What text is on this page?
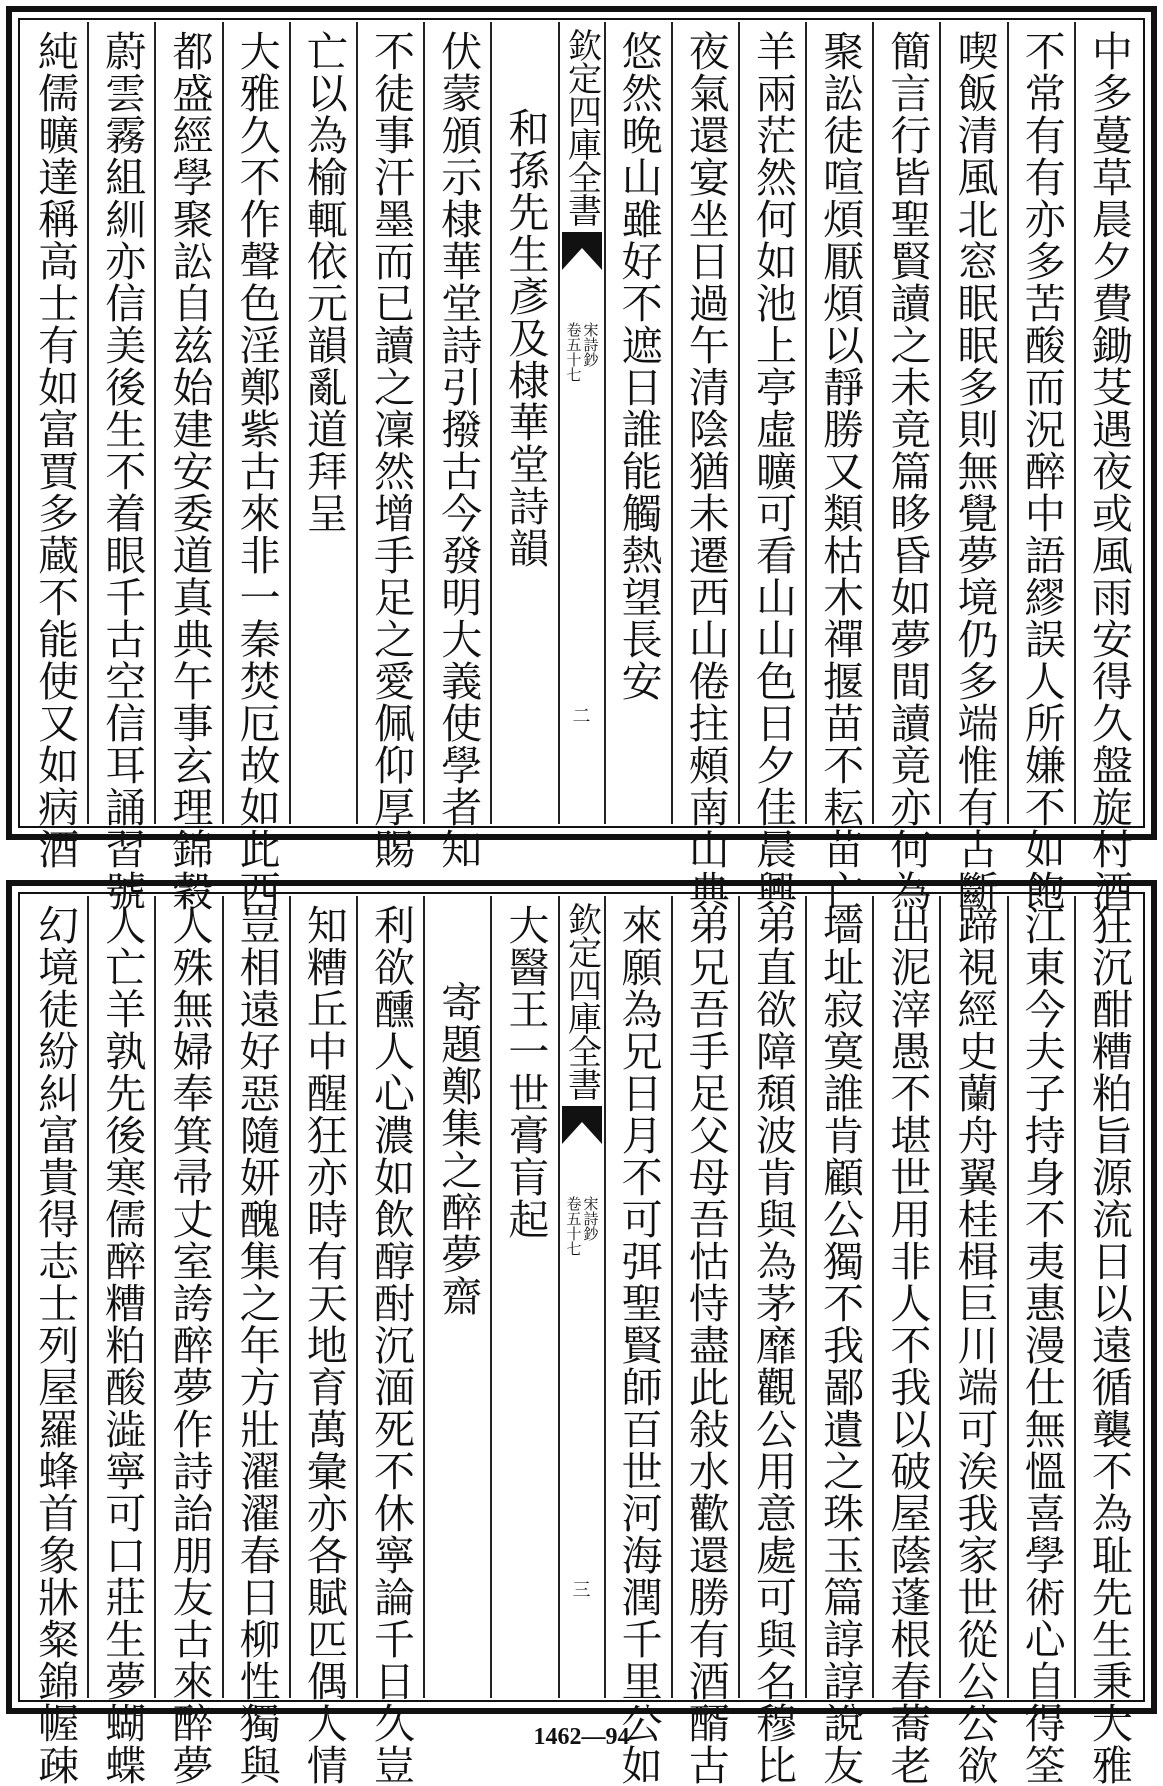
中多蔓草晨夕費鋤芟遇夜或風雨安得久盤旋村酒
不常有有亦多苦酸而況醉中語繆誤人所嫌不如飽
喫飯清風北窓眠眠多則無覺夢境仍多端惟有古斷
簡言行皆聖賢讀之未竟篇眵昏如夢間讀竟亦何為
聚訟徒喧煩厭煩以靜勝又類枯木禪揠苗不耘苗亡
羊兩茫然何如池上亭虛曠可看山山色日夕佳晨興
夜氣還宴坐日過午清陰猶未遷西山倦拄頰南山典
悠然晚山雖好不遮日誰能觸熱望長安
欽定四庫全書
宋詩鈔
卷五十七
二
和孫先生彥及棣華堂詩韻
伏蒙頒示棣華堂詩引撥古今發明大義使學者知
不徒事汗墨而已讀之凜然增手足之愛佩仰厚賜
亡以為榆輒依元韻亂道拜呈
大雅久不作聲色淫鄭紫古來非一秦焚厄故如此西
都盛經學聚訟自兹始建安委道真典午事玄理錦穀
蔚雲霧組紃亦信美後生不着眼千古空信耳誦習號
純儒曠達稱高士有如富賈多蔵不能使又如病酒
狂沉酣糟粕旨源流日以遠循襲不為耻先生秉大雅
江東今夫子持身不夷惠漫仕無慍喜學術心自得筌
蹄視經史蘭舟翼桂楫巨川端可涘我家世從公公欲
出泥滓愚不堪世用非人不我以破屋蔭蓬根春蕎老
墻址寂寞誰肯顧公獨不我鄙遺之珠玉篇諄諄說友
弟直欲障頹波肯與為茅靡觀公用意處可與名穆比
弟兄吾手足父母吾怙恃盡此敍水歡還勝有酒醑古
來願為兄日月不可弭聖賢師百世河海潤千里公如
欽定四庫全書
宋詩鈔
卷五十七
三
大醫王一世膏肓起
寄題鄭集之醉夢齋
利欲醺人心濃如飲醇酎沉湎死不休寧論千日久豈
知糟丘中醒狂亦時有天地育萬彙亦各賦匹偶人情
豈相遠好惡隨妍醜集之年方壯濯濯春日柳性獨與
人殊無婦奉箕帚丈室誇醉夢作詩詒朋友古來醉夢
人亡羊孰先後寒儒醉糟粕酸澁寧可口莊生夢蝴蝶
幻境徒紛糾富貴得志士列屋羅蜂首象牀粲錦幄疎	1462—94
